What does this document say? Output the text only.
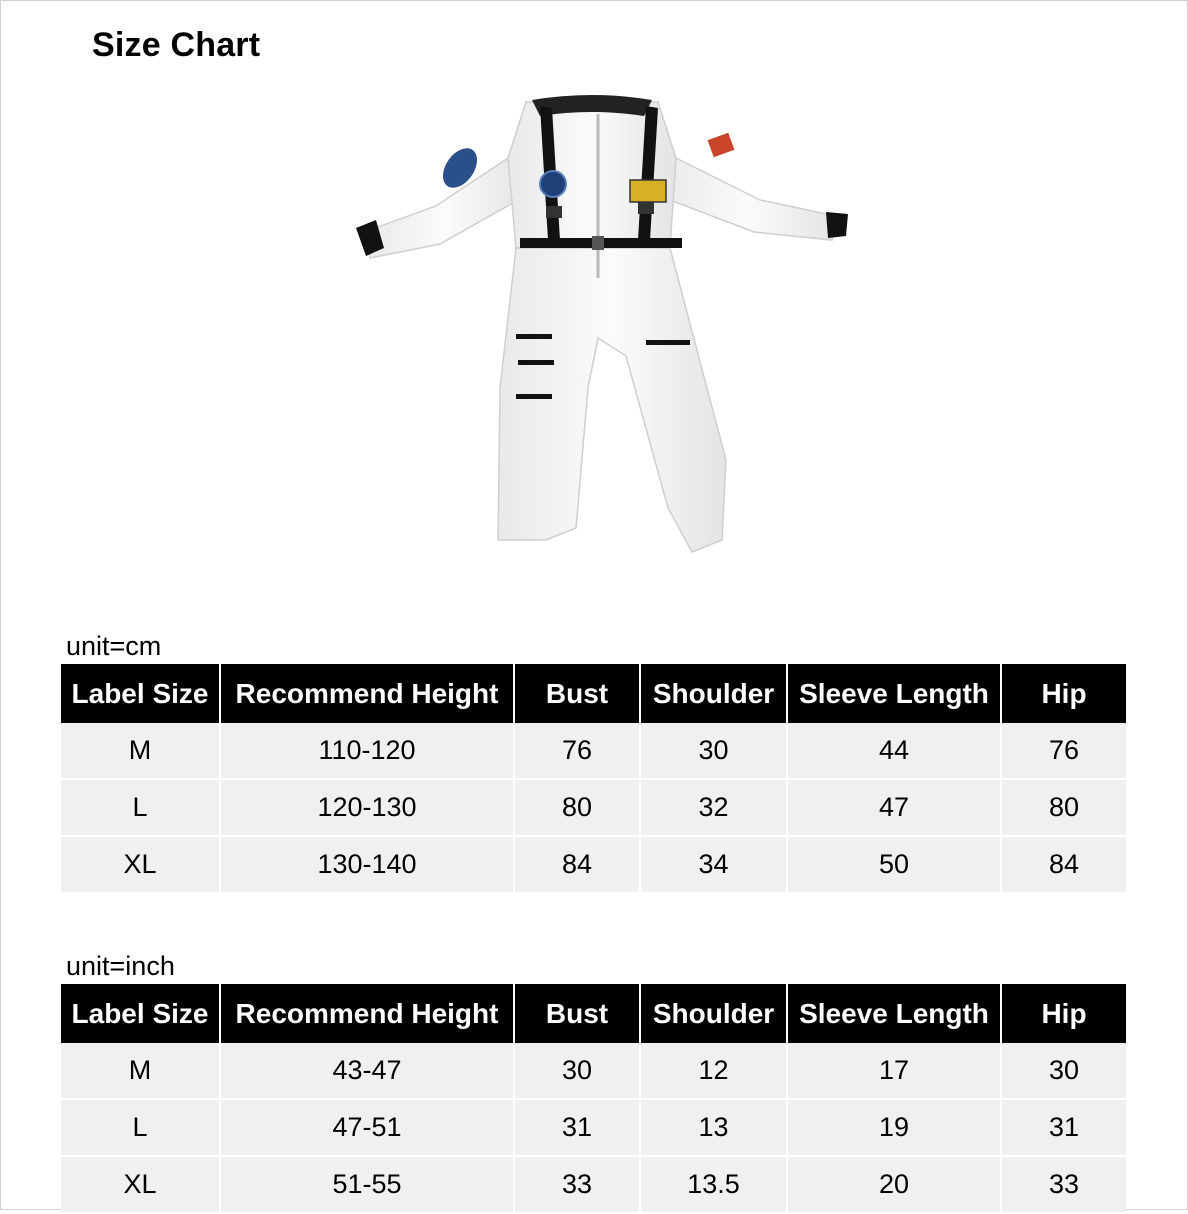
Size Chart
unit=cm
Label Size	Recommend Height	Bust	Shoulder	Sleeve Length	Hip
M	110-120	76	30	44	76
L	120-130	80	32	47	80
XL	130-140	84	34	50	84
unit=inch
Label Size	Recommend Height	Bust	Shoulder	Sleeve Length	Hip
M	43-47	30	12	17	30
L	47-51	31	13	19	31
XL	51-55	33	13.5	20	33
